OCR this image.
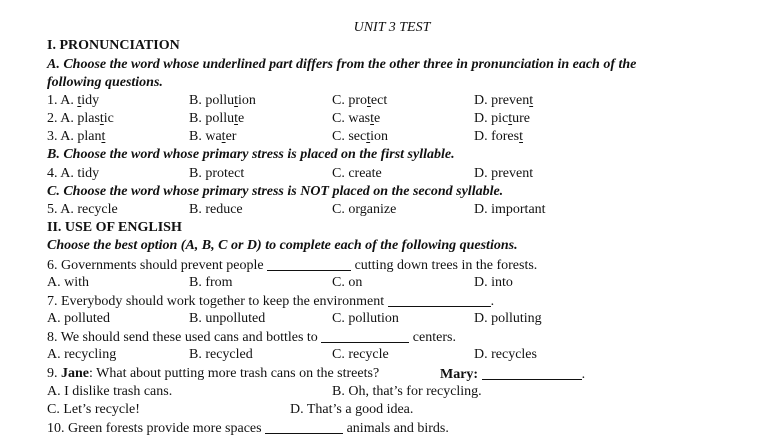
UNIT 3 TEST
I. PRONUNCIATION
A. Choose the word whose underlined part differs from the other three in pronunciation in each of the
following questions.
1. A. tidy	B. pollution	C. protect	D. prevent
2. A. plastic	B. pollute	C. waste	D. picture
3. A. plant	B. water	C. section	D. forest
B. Choose the word whose primary stress is placed on the first syllable.
4. A. tidy	B. protect	C. create	D. prevent
C. Choose the word whose primary stress is NOT placed on the second syllable.
5. A. recycle	B. reduce	C. organize	D. important
II. USE OF ENGLISH
Choose the best option (A, B, C or D) to complete each of the following questions.
6. Governments should prevent people	cutting down trees in the forests.
A. with	B. from	C. on	D. into
7. Everybody should work together to keep the environment	.
A. polluted	B. unpolluted	C. pollution	D. polluting
8. We should send these used cans and bottles to	centers.
A. recycling	B. recycled	C. recycle	D. recycles
9. Jane: What about putting more trash cans on the streets?	Mary:	.
A. I dislike trash cans.	B. Oh, that’s for recycling.
C. Let’s recycle!	D. That’s a good idea.
10. Green forests provide more spaces	animals and birds.
